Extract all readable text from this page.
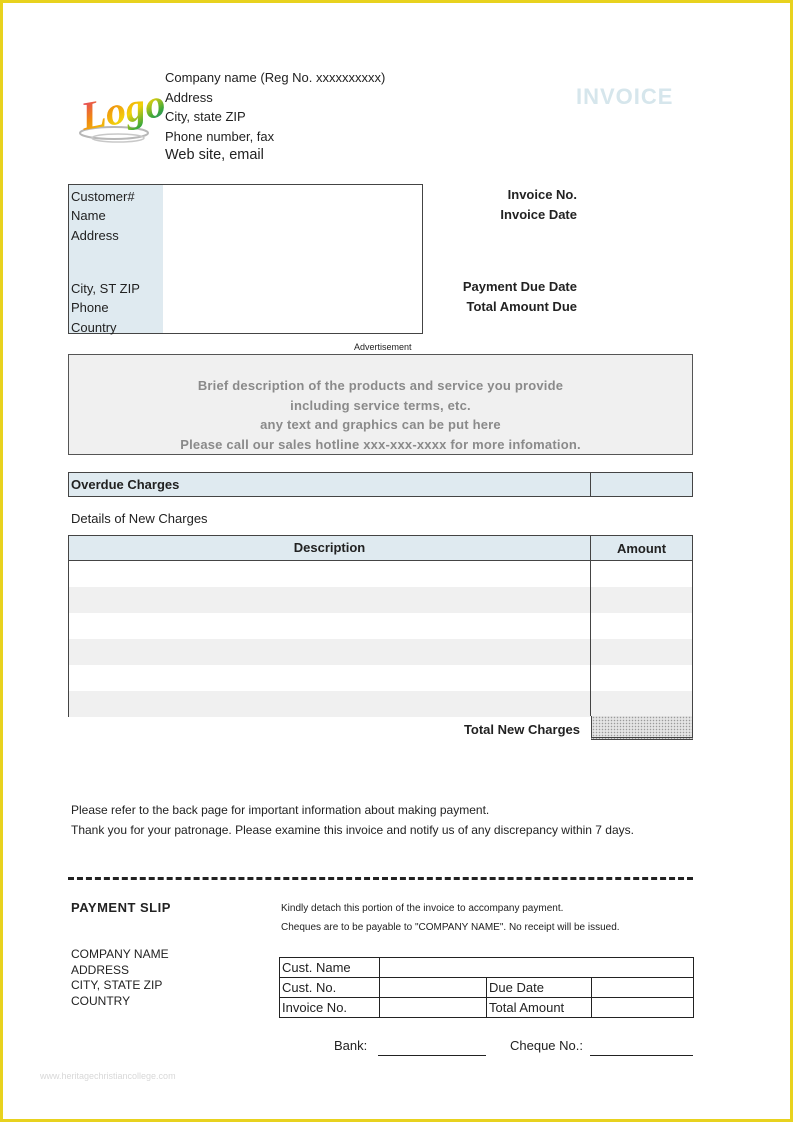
Logo
Company name (Reg No. xxxxxxxxxx)
Address
City, state ZIP
Phone number, fax
Web site, email
INVOICE
Customer#
Name
Address
City, ST ZIP
Phone
Country
Invoice No.
Invoice Date
Payment Due Date
Total Amount Due
Advertisement
Brief description of the products and service you provide
including service terms, etc.
any text and graphics can be put here
Please call our sales hotline xxx-xxx-xxxx for more infomation.
Overdue Charges
Details of New Charges
Description	Amount
Total New Charges
Please refer to the back page for important information about making payment.
Thank you for your patronage. Please examine this invoice and notify us of any discrepancy within 7 days.
PAYMENT SLIP	Kindly detach this portion of the invoice to accompany payment.
Cheques are to be payable to "COMPANY NAME". No receipt will be issued.
COMPANY NAME
ADDRESS
CITY, STATE ZIP
COUNTRY
Cust. Name			
Cust. No.		Due Date	
Invoice No.		Total Amount	
Bank:	Cheque No.:
www.heritagechristiancollege.com
